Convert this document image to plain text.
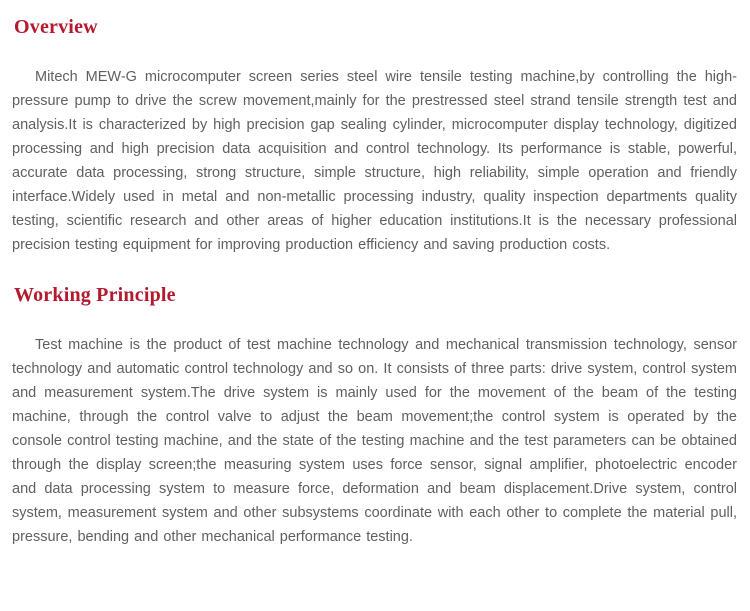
Overview

Mitech MEW-G microcomputer screen series steel wire tensile testing machine,by controlling the high-pressure pump to drive the screw movement,mainly for the prestressed steel strand tensile strength test and analysis.It is characterized by high precision gap sealing cylinder, microcomputer display technology, digitized processing and high precision data acquisition and control technology. Its performance is stable, powerful, accurate data processing, strong structure, simple structure, high reliability, simple operation and friendly interface.Widely used in metal and non-metallic processing industry, quality inspection departments quality testing, scientific research and other areas of higher education institutions.It is the necessary professional precision testing equipment for improving production efficiency and saving production costs.

Working Principle

Test machine is the product of test machine technology and mechanical transmission technology, sensor technology and automatic control technology and so on. It consists of three parts: drive system, control system and measurement system.The drive system is mainly used for the movement of the beam of the testing machine, through the control valve to adjust the beam movement;the control system is operated by the console control testing machine, and the state of the testing machine and the test parameters can be obtained through the display screen;the measuring system uses force sensor, signal amplifier, photoelectric encoder and data processing system to measure force, deformation and beam displacement.Drive system, control system, measurement system and other subsystems coordinate with each other to complete the material pull, pressure, bending and other mechanical performance testing.
